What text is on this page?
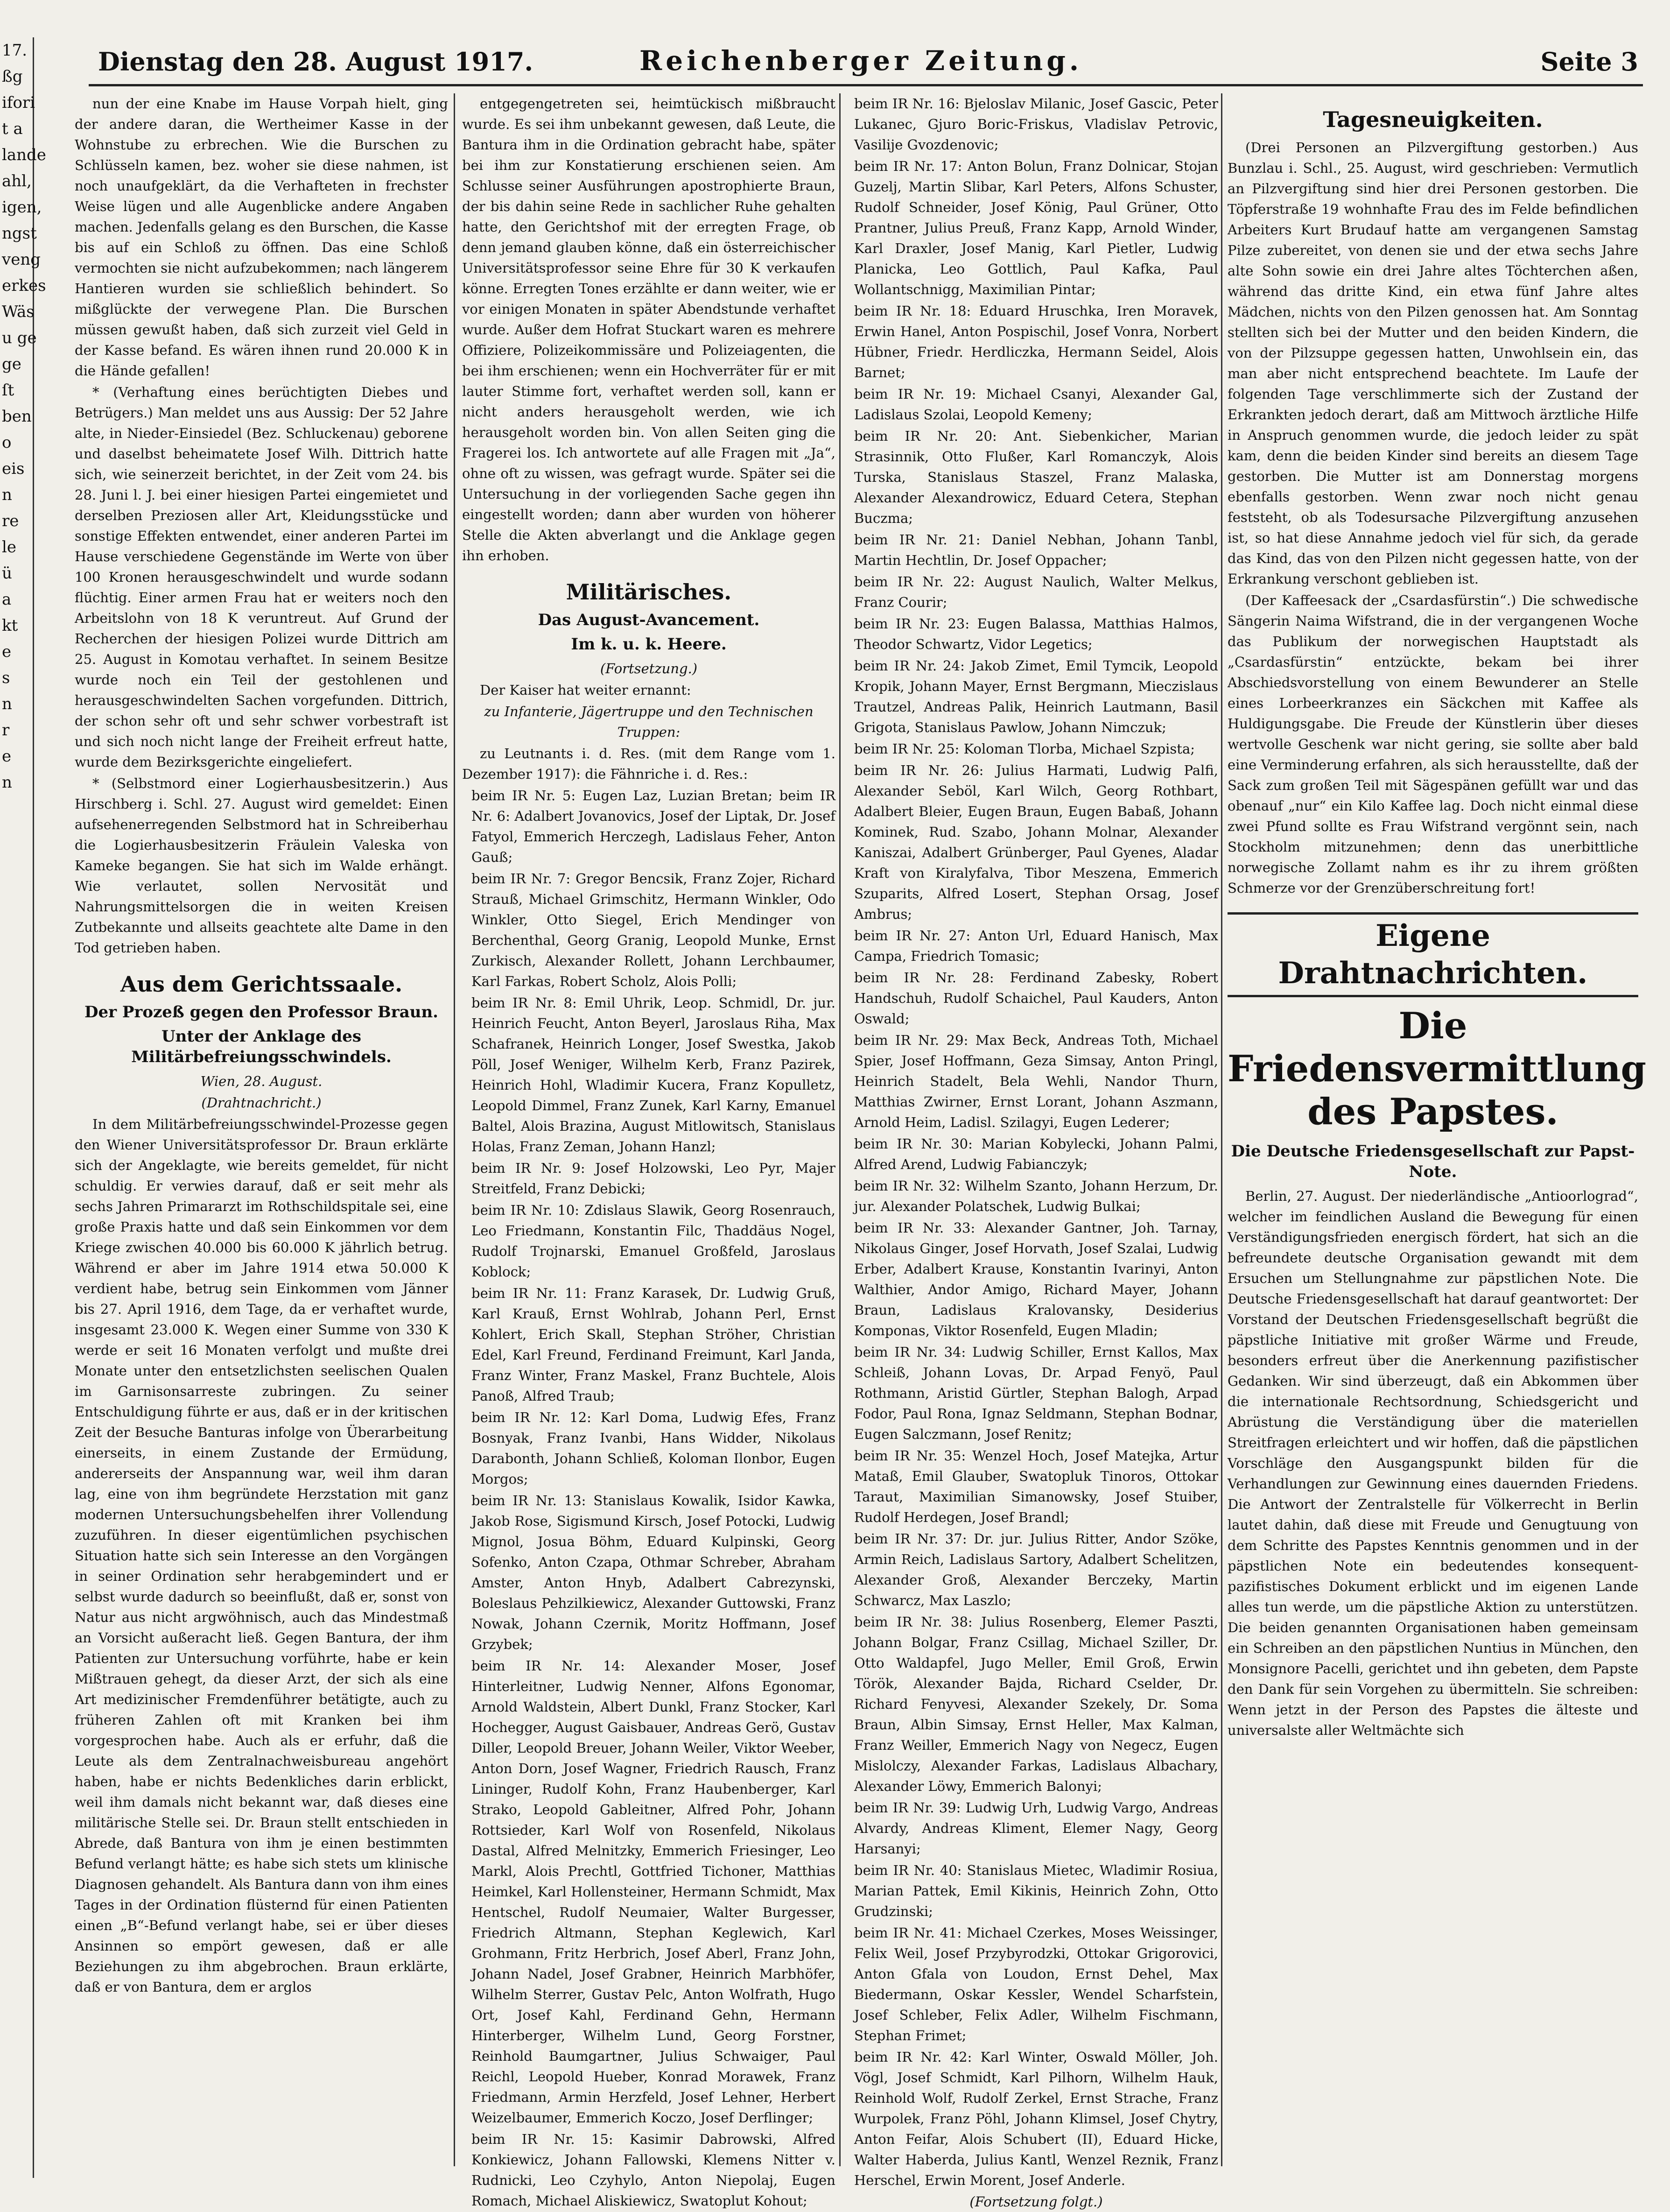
17.
ßg
ifori
t a
lande
ahl,
igen,
ngst
veng
erkes
Wäs
u ge
ge
ſt
ben
o
eis
n
re
le
ü
a
kt
e
s
n
r
e
n
Dienstag den 28. August 1917.	Reichenberger Zeitung.	Seite 3

nun der eine Knabe im Hause Vorpah hielt, ging der andere daran, die Wertheimer Kasse in der Wohnstube zu erbrechen. Wie die Burschen zu Schlüsseln kamen, bez. woher sie diese nahmen, ist noch unaufgeklärt, da die Verhafteten in frechster Weise lügen und alle Augenblicke andere Angaben machen. Jedenfalls gelang es den Burschen, die Kasse bis auf ein Schloß zu öffnen. Das eine Schloß vermochten sie nicht aufzubekommen; nach längerem Hantieren wurden sie schließlich behindert. So mißglückte der verwegene Plan. Die Burschen müssen gewußt haben, daß sich zurzeit viel Geld in der Kasse befand. Es wären ihnen rund 20.000 K in die Hände gefallen!

* (Verhaftung eines berüchtigten Diebes und Betrügers.) Man meldet uns aus Aussig: Der 52 Jahre alte, in Nieder-Einsiedel (Bez. Schluckenau) geborene und daselbst beheimatete Josef Wilh. Dittrich hatte sich, wie seinerzeit berichtet, in der Zeit vom 24. bis 28. Juni l. J. bei einer hiesigen Partei eingemietet und derselben Preziosen aller Art, Kleidungsstücke und sonstige Effekten entwendet, einer anderen Partei im Hause verschiedene Gegenstände im Werte von über 100 Kronen herausgeschwindelt und wurde sodann flüchtig. Einer armen Frau hat er weiters noch den Arbeitslohn von 18 K veruntreut. Auf Grund der Recherchen der hiesigen Polizei wurde Dittrich am 25. August in Komotau verhaftet. In seinem Besitze wurde noch ein Teil der gestohlenen und herausgeschwindelten Sachen vorgefunden. Dittrich, der schon sehr oft und sehr schwer vorbestraft ist und sich noch nicht lange der Freiheit erfreut hatte, wurde dem Bezirksgerichte eingeliefert.

* (Selbstmord einer Logierhausbesitzerin.) Aus Hirschberg i. Schl. 27. August wird gemeldet: Einen aufsehenerregenden Selbstmord hat in Schreiberhau die Logierhausbesitzerin Fräulein Valeska von Kameke begangen. Sie hat sich im Walde erhängt. Wie verlautet, sollen Nervosität und Nahrungsmittelsorgen die in weiten Kreisen Zutbekannte und allseits geachtete alte Dame in den Tod getrieben haben.

Aus dem Gerichtssaale.
Der Prozeß gegen den Professor Braun.
Unter der Anklage des Militärbefreiungsschwindels.

Wien, 28. August.

(Drahtnachricht.)

In dem Militärbefreiungsschwindel-Prozesse gegen den Wiener Universitätsprofessor Dr. Braun erklärte sich der Angeklagte, wie bereits gemeldet, für nicht schuldig. Er verwies darauf, daß er seit mehr als sechs Jahren Primararzt im Rothschildspitale sei, eine große Praxis hatte und daß sein Einkommen vor dem Kriege zwischen 40.000 bis 60.000 K jährlich betrug. Während er aber im Jahre 1914 etwa 50.000 K verdient habe, betrug sein Einkommen vom Jänner bis 27. April 1916, dem Tage, da er verhaftet wurde, insgesamt 23.000 K. Wegen einer Summe von 330 K werde er seit 16 Monaten verfolgt und mußte drei Monate unter den entsetzlichsten seelischen Qualen im Garnisonsarreste zubringen. Zu seiner Entschuldigung führte er aus, daß er in der kritischen Zeit der Besuche Banturas infolge von Überarbeitung einerseits, in einem Zustande der Ermüdung, andererseits der Anspannung war, weil ihm daran lag, eine von ihm begründete Herzstation mit ganz modernen Untersuchungsbehelfen ihrer Vollendung zuzuführen. In dieser eigentümlichen psychischen Situation hatte sich sein Interesse an den Vorgängen in seiner Ordination sehr herabgemindert und er selbst wurde dadurch so beeinflußt, daß er, sonst von Natur aus nicht argwöhnisch, auch das Mindestmaß an Vorsicht außeracht ließ. Gegen Bantura, der ihm Patienten zur Untersuchung vorführte, habe er kein Mißtrauen gehegt, da dieser Arzt, der sich als eine Art medizinischer Fremdenführer betätigte, auch zu früheren Zahlen oft mit Kranken bei ihm vorgesprochen habe. Auch als er erfuhr, daß die Leute als dem Zentralnachweisbureau angehört haben, habe er nichts Bedenkliches darin erblickt, weil ihm damals nicht bekannt war, daß dieses eine militärische Stelle sei. Dr. Braun stellt entschieden in Abrede, daß Bantura von ihm je einen bestimmten Befund verlangt hätte; es habe sich stets um klinische Diagnosen gehandelt. Als Bantura dann von ihm eines Tages in der Ordination flüsternd für einen Patienten einen „B“-Befund verlangt habe, sei er über dieses Ansinnen so empört gewesen, daß er alle Beziehungen zu ihm abgebrochen. Braun erklärte, daß er von Bantura, dem er arglos

entgegengetreten sei, heimtückisch mißbraucht wurde. Es sei ihm unbekannt gewesen, daß Leute, die Bantura ihm in die Ordination gebracht habe, später bei ihm zur Konstatierung erschienen seien. Am Schlusse seiner Ausführungen apostrophierte Braun, der bis dahin seine Rede in sachlicher Ruhe gehalten hatte, den Gerichtshof mit der erregten Frage, ob denn jemand glauben könne, daß ein österreichischer Universitätsprofessor seine Ehre für 30 K verkaufen könne. Erregten Tones erzählte er dann weiter, wie er vor einigen Monaten in später Abendstunde verhaftet wurde. Außer dem Hofrat Stuckart waren es mehrere Offiziere, Polizeikommissäre und Polizeiagenten, die bei ihm erschienen; wenn ein Hochverräter für er mit lauter Stimme fort, verhaftet werden soll, kann er nicht anders herausgeholt werden, wie ich herausgeholt worden bin. Von allen Seiten ging die Fragerei los. Ich antwortete auf alle Fragen mit „Ja“, ohne oft zu wissen, was gefragt wurde. Später sei die Untersuchung in der vorliegenden Sache gegen ihn eingestellt worden; dann aber wurden von höherer Stelle die Akten abverlangt und die Anklage gegen ihn erhoben.

Militärisches.
Das August-Avancement.
Im k. u. k. Heere.

(Fortsetzung.)

Der Kaiser hat weiter ernannt:

zu Infanterie, Jägertruppe und den Technischen Truppen:

zu Leutnants i. d. Res. (mit dem Range vom 1. Dezember 1917): die Fähnriche i. d. Res.:

beim IR Nr. 5: Eugen Laz, Luzian Bretan; beim IR Nr. 6: Adalbert Jovanovics, Josef der Liptak, Dr. Josef Fatyol, Emmerich Herczegh, Ladislaus Feher, Anton Gauß;

beim IR Nr. 7: Gregor Bencsik, Franz Zojer, Richard Strauß, Michael Grimschitz, Hermann Winkler, Odo Winkler, Otto Siegel, Erich Mendinger von Berchenthal, Georg Granig, Leopold Munke, Ernst Zurkisch, Alexander Rollett, Johann Lerchbaumer, Karl Farkas, Robert Scholz, Alois Polli;

beim IR Nr. 8: Emil Uhrik, Leop. Schmidl, Dr. jur. Heinrich Feucht, Anton Beyerl, Jaroslaus Riha, Max Schafranek, Heinrich Longer, Josef Swestka, Jakob Pöll, Josef Weniger, Wilhelm Kerb, Franz Pazirek, Heinrich Hohl, Wladimir Kucera, Franz Kopulletz, Leopold Dimmel, Franz Zunek, Karl Karny, Emanuel Baltel, Alois Brazina, August Mitlowitsch, Stanislaus Holas, Franz Zeman, Johann Hanzl;

beim IR Nr. 9: Josef Holzowski, Leo Pyr, Majer Streitfeld, Franz Debicki;

beim IR Nr. 10: Zdislaus Slawik, Georg Rosenrauch, Leo Friedmann, Konstantin Filc, Thaddäus Nogel, Rudolf Trojnarski, Emanuel Großfeld, Jaroslaus Koblock;

beim IR Nr. 11: Franz Karasek, Dr. Ludwig Gruß, Karl Krauß, Ernst Wohlrab, Johann Perl, Ernst Kohlert, Erich Skall, Stephan Ströher, Christian Edel, Karl Freund, Ferdinand Freimunt, Karl Janda, Franz Winter, Franz Maskel, Franz Buchtele, Alois Panoß, Alfred Traub;

beim IR Nr. 12: Karl Doma, Ludwig Efes, Franz Bosnyak, Franz Ivanbi, Hans Widder, Nikolaus Darabonth, Johann Schließ, Koloman Ilonbor, Eugen Morgos;

beim IR Nr. 13: Stanislaus Kowalik, Isidor Kawka, Jakob Rose, Sigismund Kirsch, Josef Potocki, Ludwig Mignol, Josua Böhm, Eduard Kulpinski, Georg Sofenko, Anton Czapa, Othmar Schreber, Abraham Amster, Anton Hnyb, Adalbert Cabrezynski, Boleslaus Pehzilkiewicz, Alexander Guttowski, Franz Nowak, Johann Czernik, Moritz Hoffmann, Josef Grzybek;

beim IR Nr. 14: Alexander Moser, Josef Hinterleitner, Ludwig Nenner, Alfons Egonomar, Arnold Waldstein, Albert Dunkl, Franz Stocker, Karl Hochegger, August Gaisbauer, Andreas Gerö, Gustav Diller, Leopold Breuer, Johann Weiler, Viktor Weeber, Anton Dorn, Josef Wagner, Friedrich Rausch, Franz Lininger, Rudolf Kohn, Franz Haubenberger, Karl Strako, Leopold Gableitner, Alfred Pohr, Johann Rottsieder, Karl Wolf von Rosenfeld, Nikolaus Dastal, Alfred Melnitzky, Emmerich Friesinger, Leo Markl, Alois Prechtl, Gottfried Tichoner, Matthias Heimkel, Karl Hollensteiner, Hermann Schmidt, Max Hentschel, Rudolf Neumaier, Walter Burgesser, Friedrich Altmann, Stephan Keglewich, Karl Grohmann, Fritz Herbrich, Josef Aberl, Franz John, Johann Nadel, Josef Grabner, Heinrich Marbhöfer, Wilhelm Sterrer, Gustav Pelc, Anton Wolfrath, Hugo Ort, Josef Kahl, Ferdinand Gehn, Hermann Hinterberger, Wilhelm Lund, Georg Forstner, Reinhold Baumgartner, Julius Schwaiger, Paul Reichl, Leopold Hueber, Konrad Morawek, Franz Friedmann, Armin Herzfeld, Josef Lehner, Herbert Weizelbaumer, Emmerich Koczo, Josef Derflinger;

beim IR Nr. 15: Kasimir Dabrowski, Alfred Konkiewicz, Johann Fallowski, Klemens Nitter v. Rudnicki, Leo Czyhylo, Anton Niepolaj, Eugen Romach, Michael Aliskiewicz, Swatoplut Kohout;

beim IR Nr. 16: Bjeloslav Milanic, Josef Gascic, Peter Lukanec, Gjuro Boric-Friskus, Vladislav Petrovic, Vasilije Gvozdenovic;

beim IR Nr. 17: Anton Bolun, Franz Dolnicar, Stojan Guzelj, Martin Slibar, Karl Peters, Alfons Schuster, Rudolf Schneider, Josef König, Paul Grüner, Otto Prantner, Julius Preuß, Franz Kapp, Arnold Winder, Karl Draxler, Josef Manig, Karl Pietler, Ludwig Planicka, Leo Gottlich, Paul Kafka, Paul Wollantschnigg, Maximilian Pintar;

beim IR Nr. 18: Eduard Hruschka, Iren Moravek, Erwin Hanel, Anton Pospischil, Josef Vonra, Norbert Hübner, Friedr. Herdliczka, Hermann Seidel, Alois Barnet;

beim IR Nr. 19: Michael Csanyi, Alexander Gal, Ladislaus Szolai, Leopold Kemeny;

beim IR Nr. 20: Ant. Siebenkicher, Marian Strasinnik, Otto Flußer, Karl Romanczyk, Alois Turska, Stanislaus Staszel, Franz Malaska, Alexander Alexandrowicz, Eduard Cetera, Stephan Buczma;

beim IR Nr. 21: Daniel Nebhan, Johann Tanbl, Martin Hechtlin, Dr. Josef Oppacher;

beim IR Nr. 22: August Naulich, Walter Melkus, Franz Courir;

beim IR Nr. 23: Eugen Balassa, Matthias Halmos, Theodor Schwartz, Vidor Legetics;

beim IR Nr. 24: Jakob Zimet, Emil Tymcik, Leopold Kropik, Johann Mayer, Ernst Bergmann, Mieczislaus Trautzel, Andreas Palik, Heinrich Lautmann, Basil Grigota, Stanislaus Pawlow, Johann Nimczuk;

beim IR Nr. 25: Koloman Tlorba, Michael Szpista;

beim IR Nr. 26: Julius Harmati, Ludwig Palfi, Alexander Seböl, Karl Wilch, Georg Rothbart, Adalbert Bleier, Eugen Braun, Eugen Babaß, Johann Kominek, Rud. Szabo, Johann Molnar, Alexander Kaniszai, Adalbert Grünberger, Paul Gyenes, Aladar Kraft von Kiralyfalva, Tibor Meszena, Emmerich Szuparits, Alfred Losert, Stephan Orsag, Josef Ambrus;

beim IR Nr. 27: Anton Url, Eduard Hanisch, Max Campa, Friedrich Tomasic;

beim IR Nr. 28: Ferdinand Zabesky, Robert Handschuh, Rudolf Schaichel, Paul Kauders, Anton Oswald;

beim IR Nr. 29: Max Beck, Andreas Toth, Michael Spier, Josef Hoffmann, Geza Simsay, Anton Pringl, Heinrich Stadelt, Bela Wehli, Nandor Thurn, Matthias Zwirner, Ernst Lorant, Johann Aszmann, Arnold Heim, Ladisl. Szilagyi, Eugen Lederer;

beim IR Nr. 30: Marian Kobylecki, Johann Palmi, Alfred Arend, Ludwig Fabianczyk;

beim IR Nr. 32: Wilhelm Szanto, Johann Herzum, Dr. jur. Alexander Polatschek, Ludwig Bulkai;

beim IR Nr. 33: Alexander Gantner, Joh. Tarnay, Nikolaus Ginger, Josef Horvath, Josef Szalai, Ludwig Erber, Adalbert Krause, Konstantin Ivarinyi, Anton Walthier, Andor Amigo, Richard Mayer, Johann Braun, Ladislaus Kralovansky, Desiderius Komponas, Viktor Rosenfeld, Eugen Mladin;

beim IR Nr. 34: Ludwig Schiller, Ernst Kallos, Max Schleiß, Johann Lovas, Dr. Arpad Fenyö, Paul Rothmann, Aristid Gürtler, Stephan Balogh, Arpad Fodor, Paul Rona, Ignaz Seldmann, Stephan Bodnar, Eugen Salczmann, Josef Renitz;

beim IR Nr. 35: Wenzel Hoch, Josef Matejka, Artur Mataß, Emil Glauber, Swatopluk Tinoros, Ottokar Taraut, Maximilian Simanowsky, Josef Stuiber, Rudolf Herdegen, Josef Brandl;

beim IR Nr. 37: Dr. jur. Julius Ritter, Andor Szöke, Armin Reich, Ladislaus Sartory, Adalbert Schelitzen, Alexander Groß, Alexander Berczeky, Martin Schwarcz, Max Laszlo;

beim IR Nr. 38: Julius Rosenberg, Elemer Paszti, Johann Bolgar, Franz Csillag, Michael Sziller, Dr. Otto Waldapfel, Jugo Meller, Emil Groß, Erwin Török, Alexander Bajda, Richard Cselder, Dr. Richard Fenyvesi, Alexander Szekely, Dr. Soma Braun, Albin Simsay, Ernst Heller, Max Kalman, Franz Weiller, Emmerich Nagy von Negecz, Eugen Mislolczy, Alexander Farkas, Ladislaus Albachary, Alexander Löwy, Emmerich Balonyi;

beim IR Nr. 39: Ludwig Urh, Ludwig Vargo, Andreas Alvardy, Andreas Kliment, Elemer Nagy, Georg Harsanyi;

beim IR Nr. 40: Stanislaus Mietec, Wladimir Rosiua, Marian Pattek, Emil Kikinis, Heinrich Zohn, Otto Grudzinski;

beim IR Nr. 41: Michael Czerkes, Moses Weissinger, Felix Weil, Josef Przybyrodzki, Ottokar Grigorovici, Anton Gfala von Loudon, Ernst Dehel, Max Biedermann, Oskar Kessler, Wendel Scharfstein, Josef Schleber, Felix Adler, Wilhelm Fischmann, Stephan Frimet;

beim IR Nr. 42: Karl Winter, Oswald Möller, Joh. Vögl, Josef Schmidt, Karl Pilhorn, Wilhelm Hauk, Reinhold Wolf, Rudolf Zerkel, Ernst Strache, Franz Wurpolek, Franz Pöhl, Johann Klimsel, Josef Chytry, Anton Feifar, Alois Schubert (II), Eduard Hicke, Walter Haberda, Julius Kantl, Wenzel Reznik, Franz Herschel, Erwin Morent, Josef Anderle.

(Fortsetzung folgt.)

Tagesneuigkeiten.

(Drei Personen an Pilzvergiftung gestorben.) Aus Bunzlau i. Schl., 25. August, wird geschrieben: Vermutlich an Pilzvergiftung sind hier drei Personen gestorben. Die Töpferstraße 19 wohnhafte Frau des im Felde befindlichen Arbeiters Kurt Brudauf hatte am vergangenen Samstag Pilze zubereitet, von denen sie und der etwa sechs Jahre alte Sohn sowie ein drei Jahre altes Töchterchen aßen, während das dritte Kind, ein etwa fünf Jahre altes Mädchen, nichts von den Pilzen genossen hat. Am Sonntag stellten sich bei der Mutter und den beiden Kindern, die von der Pilzsuppe gegessen hatten, Unwohlsein ein, das man aber nicht entsprechend beachtete. Im Laufe der folgenden Tage verschlimmerte sich der Zustand der Erkrankten jedoch derart, daß am Mittwoch ärztliche Hilfe in Anspruch genommen wurde, die jedoch leider zu spät kam, denn die beiden Kinder sind bereits an diesem Tage gestorben. Die Mutter ist am Donnerstag morgens ebenfalls gestorben. Wenn zwar noch nicht genau feststeht, ob als Todesursache Pilzvergiftung anzusehen ist, so hat diese Annahme jedoch viel für sich, da gerade das Kind, das von den Pilzen nicht gegessen hatte, von der Erkrankung verschont geblieben ist.

(Der Kaffeesack der „Csardasfürstin“.) Die schwedische Sängerin Naima Wifstrand, die in der vergangenen Woche das Publikum der norwegischen Hauptstadt als „Csardasfürstin“ entzückte, bekam bei ihrer Abschiedsvorstellung von einem Bewunderer an Stelle eines Lorbeerkranzes ein Säckchen mit Kaffee als Huldigungsgabe. Die Freude der Künstlerin über dieses wertvolle Geschenk war nicht gering, sie sollte aber bald eine Verminderung erfahren, als sich herausstellte, daß der Sack zum großen Teil mit Sägespänen gefüllt war und das obenauf „nur“ ein Kilo Kaffee lag. Doch nicht einmal diese zwei Pfund sollte es Frau Wifstrand vergönnt sein, nach Stockholm mitzunehmen; denn das unerbittliche norwegische Zollamt nahm es ihr zu ihrem größten Schmerze vor der Grenzüberschreitung fort!

Eigene Drahtnachrichten.
Die Friedensvermittlung des Papstes.
Die Deutsche Friedensgesellschaft zur Papst-Note.

Berlin, 27. August. Der niederländische „Antioorlograd“, welcher im feindlichen Ausland die Bewegung für einen Verständigungsfrieden energisch fördert, hat sich an die befreundete deutsche Organisation gewandt mit dem Ersuchen um Stellungnahme zur päpstlichen Note. Die Deutsche Friedensgesellschaft hat darauf geantwortet: Der Vorstand der Deutschen Friedensgesellschaft begrüßt die päpstliche Initiative mit großer Wärme und Freude, besonders erfreut über die Anerkennung pazifistischer Gedanken. Wir sind überzeugt, daß ein Abkommen über die internationale Rechtsordnung, Schiedsgericht und Abrüstung die Verständigung über die materiellen Streitfragen erleichtert und wir hoffen, daß die päpstlichen Vorschläge den Ausgangspunkt bilden für die Verhandlungen zur Gewinnung eines dauernden Friedens. Die Antwort der Zentralstelle für Völkerrecht in Berlin lautet dahin, daß diese mit Freude und Genugtuung von dem Schritte des Papstes Kenntnis genommen und in der päpstlichen Note ein bedeutendes konsequent-pazifistisches Dokument erblickt und im eigenen Lande alles tun werde, um die päpstliche Aktion zu unterstützen. Die beiden genannten Organisationen haben gemeinsam ein Schreiben an den päpstlichen Nuntius in München, den Monsignore Pacelli, gerichtet und ihn gebeten, dem Papste den Dank für sein Vorgehen zu übermitteln. Sie schreiben: Wenn jetzt in der Person des Papstes die älteste und universalste aller Weltmächte sich
